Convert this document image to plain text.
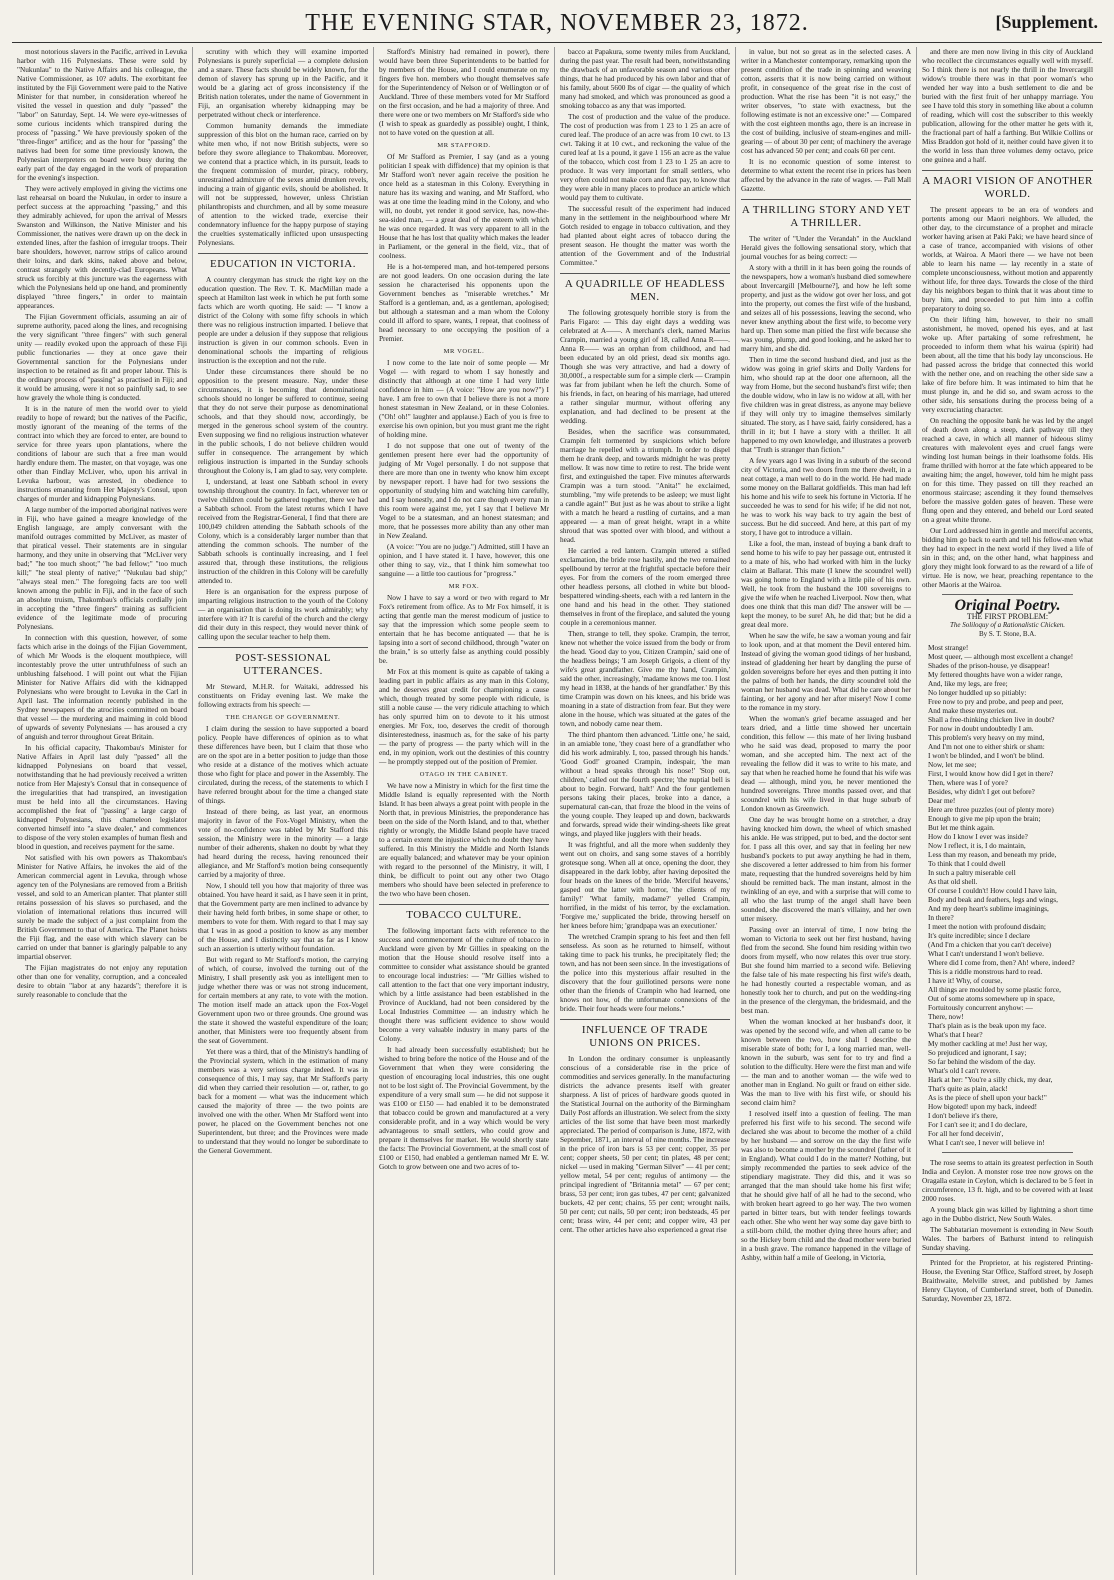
THE EVENING STAR, NOVEMBER 23, 1872.	[Supplement.

most notorious slavers in the Pacific, arrived in Levuka harbor with 116 Polynesians. These were sold by "Nukunlau" to the Native Affairs and his colleague, the Native Commissioner, as 10? adults. The exorbitant fee instituted by the Fiji Government were paid to the Native Minister for that number, in consideration whereof he visited the vessel in question and duly "passed" the "labor" on Saturday, Sept. 14. We were eye-witnesses of some curious incidents which transpired during the process of "passing." We have previously spoken of the "three-finger" artifice; and as the hour for "passing" the natives had been for some time previously known, the Polynesian interpreters on board were busy during the early part of the day engaged in the work of preparation for the evening's inspection.

They were actively employed in giving the victims one last rehearsal on board the Nukulau, in order to insure a perfect success at the approaching "passing," and this they admirably achieved, for upon the arrival of Messrs Swanston and Wilkinson, the Native Minister and his Commissioner, the natives were drawn up on the deck in extended lines, after the fashion of irregular troops. Their bare shoulders, however, narrow strips of calico around their loins, and dark skins, naked above and below, contrast strangely with decently-clad Europeans. What struck us forcibly at this juncture was the eagerness with which the Polynesians held up one hand, and prominently displayed "three fingers," in order to maintain appearances.

The Fijian Government officials, assuming an air of supreme authority, paced along the lines, and recognising the very significant "three fingers" with such general unity — readily evoked upon the approach of these Fiji public functionaries — they at once gave their Governmental sanction for the Polynesians under inspection to be retained as fit and proper labour. This is the ordinary process of "passing" as practised in Fiji; and it would be amusing, were it not so painfully sad, to see how gravely the whole thing is conducted.

It is in the nature of men the world over to yield readily to hope of reward; but the natives of the Pacific, mostly ignorant of the meaning of the terms of the contract into which they are forced to enter, are bound to service for three years upon plantations, where the conditions of labour are such that a free man would hardly endure them. The master, on that voyage, was one other than Findlay McLiver, who, upon his arrival in Levuka harbour, was arrested, in obedience to instructions emanating from Her Majesty's Consul, upon charges of murder and kidnapping Polynesians.

A large number of the imported aboriginal natives were in Fiji, who have gained a meagre knowledge of the English language, are amply conversant with the manifold outrages committed by McLiver, as master of that piratical vessel. Their statements are in singular harmony, and they unite in observing that "McLiver very bad;" "he too much shoot;" "he bad fellow;" "too much kill;" "he steal plenty of native;" "Nukulau bad ship;" "always steal men." The foregoing facts are too well known among the public in Fiji, and in the face of such an absolute truism, Thakombau's officials cordially join in accepting the "three fingers" training as sufficient evidence of the legitimate mode of procuring Polynesians.

In connection with this question, however, of some facts which arise in the doings of the Fijian Government, of which Mr Woods is the eloquent mouthpiece, will incontestably prove the utter untruthfulness of such an unblushing falsehood. I will point out what the Fijian Minister for Native Affairs did with the kidnapped Polynesians who were brought to Levuka in the Carl in April last. The information recently published in the Sydney newspapers of the atrocities committed on board that vessel — the murdering and maiming in cold blood of upwards of seventy Polynesians — has aroused a cry of anguish and terror throughout Great Britain.

In his official capacity, Thakombau's Minister for Native Affairs in April last duly "passed" all the kidnapped Polynesians on board that vessel, notwithstanding that he had previously received a written notice from Her Majesty's Consul that in consequence of the irregularities that had transpired, an investigation must be held into all the circumstances. Having accomplished the feat of "passing" a large cargo of kidnapped Polynesians, this chameleon legislator converted himself into "a slave dealer," and commences to dispose of the very stolen examples of human flesh and blood in question, and receives payment for the same.

Not satisfied with his own powers as Thakombau's Minister for Native Affairs, he invokes the aid of the American commercial agent in Levuka, through whose agency ten of the Polynesians are removed from a British vessel, and sold to an American planter. That planter still retains possession of his slaves so purchased, and the violation of international relations thus incurred will surely be made the subject of a just complaint from the British Government to that of America. The Planet hoists the Fiji flag, and the ease with which slavery can be carried on under that banner is glaringly palpable to any impartial observer.

The Fijian magistrates do not enjoy any reputation other than one for venality, corruption, and a concealed desire to obtain "labor at any hazards"; therefore it is surely reasonable to conclude that the

scrutiny with which they will examine imported Polynesians is purely superficial — a complete delusion and a snare. These facts should be widely known, for the demon of slavery has sprung up in the Pacific, and it would be a glaring act of gross inconsistency if the British nation tolerates, under the name of Government in Fiji, an organisation whereby kidnapping may be perpetrated without check or interference.

Common humanity demands the immediate suppression of this blot on the human race, carried on by white men who, if not now British subjects, were so before they swore allegiance to Thakombau. Moreover, we contend that a practice which, in its pursuit, leads to the frequent commission of murder, piracy, robbery, unrestrained admixture of the sexes amid drunken revels, inducing a train of gigantic evils, should be abolished. It will not be suppressed, however, unless Christian philanthropists and churchmen, and all by some measure of attention to the wicked trade, exercise their condemnatory influence for the happy purpose of staying the cruelties systematically inflicted upon unsuspecting Polynesians.

EDUCATION IN VICTORIA.

A country clergyman has struck the right key on the education question. The Rev. T. K. MacMillan made a speech at Hamilton last week in which he put forth some facts which are worth quoting. He said: — "I know a district of the Colony with some fifty schools in which there was no religious instruction imparted. I believe that people are under a delusion if they suppose that religious instruction is given in our common schools. Even in denominational schools the imparting of religious instruction is the exception and not the rule.

Under these circumstances there should be no opposition to the present measure. Nay, under these circumstances, it is becoming that denominational schools should no longer be suffered to continue, seeing that they do not serve their purpose as denominational schools, and that they should now, accordingly, be merged in the generous school system of the country. Even supposing we find no religious instruction whatever in the public schools, I do not believe children would suffer in consequence. The arrangement by which religious instruction is imparted in the Sunday schools throughout the Colony is, I am glad to say, very complete.

I, understand, at least one Sabbath school in every township throughout the country. In fact, wherever ten or twelve children could be gathered together, there we had a Sabbath school. From the latest returns which I have received from the Registrar-General, I find that there are 100,049 children attending the Sabbath schools of the Colony, which is a considerably larger number than that attending the common schools. The number of the Sabbath schools is continually increasing, and I feel assured that, through these institutions, the religious instruction of the children in this Colony will be carefully attended to.

Here is an organisation for the express purpose of imparting religious instruction to the youth of the Colony — an organisation that is doing its work admirably; why interfere with it? It is careful of the church and the clergy did their duty in this respect, they would never think of calling upon the secular teacher to help them.

POST-SESSIONAL UTTERANCES.

Mr Steward, M.H.R. for Waitaki, addressed his constituents on Friday evening last. We make the following extracts from his speech: —

THE CHANGE OF GOVERNMENT.

I claim during the session to have supported a board policy. People have differences of opinion as to what these differences have been, but I claim that those who are on the spot are in a better position to judge than those who reside at a distance of the motives which actuate those who fight for place and power in the Assembly. The circulated, during the recess, of the statements to which I have referred brought about for the time a changed state of things.

Instead of there being, as last year, an enormous majority in favor of the Fox-Vogel Ministry, when the vote of no-confidence was tabled by Mr Stafford this session, the Ministry were in the minority — a large number of their adherents, shaken no doubt by what they had heard during the recess, having renounced their allegiance, and Mr Stafford's motion being consequently carried by a majority of three.

Now, I should tell you how that majority of three was obtained. You have heard it said, as I have seen it in print, that the Government party are men inclined to advance by their having held forth bribes, in some shape or other, to members to vote for them. With regard to that I may say that I was in as good a position to know as any member of the House, and I distinctly say that as far as I know such an assertion is utterly without foundation.

But with regard to Mr Stafford's motion, the carrying of which, of course, involved the turning out of the Ministry, I shall presently ask you as intelligent men to judge whether there was or was not strong inducement, for certain members at any rate, to vote with the motion. The motion itself made an attack upon the Fox-Vogel Government upon two or three grounds. One ground was the state it showed the wasteful expenditure of the loan; another, that Ministers were too frequently absent from the seat of Government.

Yet there was a third, that of the Ministry's handling of the Provincial system, which in the estimation of many members was a very serious charge indeed. It was in consequence of this, I may say, that Mr Stafford's party did when they carried their resolution — or, rather, to go back for a moment — what was the inducement which caused the majority of three — the two points are involved one with the other. When Mr Stafford went into power, he placed on the Government benches not one Superintendent, but three; and the Provinces were made to understand that they would no longer be subordinate to the General Government.

Stafford's Ministry had remained in power), there would have been three Superintendents to be battled for by members of the House, and I could enumerate on my fingers five hon. members who thought themselves safe for the Superintendency of Nelson or of Wellington or of Auckland. Three of these members voted for Mr Stafford on the first occasion, and he had a majority of three. And there were one or two members on Mr Stafford's side who (I wish to speak as guardedly as possible) ought, I think, not to have voted on the question at all.

MR STAFFORD.

Of Mr Stafford as Premier, I say (and as a young politician I speak with diffidence) that my opinion is that Mr Stafford won't never again receive the position he once held as a statesman in this Colony. Everything in nature has its waxing and waning, and Mr Stafford, who was at one time the leading mind in the Colony, and who will, no doubt, yet render it good service, has, now-the-sea-sided man, — a great deal of the esteem with which he was once regarded. It was very apparent to all in the House that he has lost that quality which makes the leader in Parliament, or the general in the field, viz., that of coolness.

He is a hot-tempered man, and hot-tempered persons are not good leaders. On one occasion during the late session he characterised his opponents upon the Government benches as "miserable wretches." Mr Stafford is a gentleman, and, as a gentleman, apologised; but although a statesman and a man whom the Colony could ill afford to spare, wants, I repeat, that coolness of head necessary to one occupying the position of a Premier.

MR VOGEL.

I now come to the late noir of some people — Mr Vogel — with regard to whom I say honestly and distinctly that although at one time I had very little confidence in him — (A voice: "How are you now?") I have. I am free to own that I believe there is not a more honest statesman in New Zealand, or in these Colonies. ("Oh! oh!" laughter and applause.) Each of you is free to exercise his own opinion, but you must grant me the right of holding mine.

I do not suppose that one out of twenty of the gentlemen present here ever had the opportunity of judging of Mr Vogel personally. I do not suppose that there are more than one in twenty who know him except by newspaper report. I have had for two sessions the opportunity of studying him and watching him carefully, and I say honestly, and I do not care though every man in this room were against me, yet I say that I believe Mr Vogel to be a statesman, and an honest statesman; and more, that he possesses more ability than any other man in New Zealand.

(A voice: "You are no judge.") Admitted, still I have an opinion, and I have stated it. I have, however, this one other thing to say, viz., that I think him somewhat too sanguine — a little too cautious for "progress."

MR FOX.

Now I have to say a word or two with regard to Mr Fox's retirement from office. As to Mr Fox himself, it is acting that gentle man the merest modicum of justice to say that the impression which some people seem to entertain that he has become antiquated — that he is lapsing into a sort of second childhood, through "water on the brain," is so utterly false as anything could possibly be.

Mr Fox at this moment is quite as capable of taking a leading part in public affairs as any man in this Colony, and he deserves great credit for championing a cause which, though treated by some people with ridicule, is still a noble cause — the very ridicule attaching to which has only spurred him on to devote to it his utmost energies. Mr Fox, too, deserves the credit of thorough disinterestedness, inasmuch as, for the sake of his party — the party of progress — the party which will in the end, in my opinion, work out the destinies of this country — he promptly stepped out of the position of Premier.

OTAGO IN THE CABINET.

We have now a Ministry in which for the first time the Middle Island is equally represented with the North Island. It has been always a great point with people in the North that, in previous Ministries, the preponderance has been on the side of the North Island, and to that, whether rightly or wrongly, the Middle Island people have traced to a certain extent the injustice which no doubt they have suffered. In this Ministry the Middle and North Islands are equally balanced; and whatever may be your opinion with regard to the personnel of the Ministry, it will, I think, be difficult to point out any other two Otago members who should have been selected in preference to the two who have been chosen.

TOBACCO CULTURE.

The following important facts with reference to the success and commencement of the culture of tobacco in Auckland were given by Mr Gillies in speaking on the motion that the House should resolve itself into a committee to consider what assistance should be granted to encourage local industries: — "Mr Gillies wished to call attention to the fact that one very important industry, which by a little assistance had been established in the Province of Auckland, had not been considered by the Local Industries Committee — an industry which he thought there was sufficient evidence to show would become a very valuable industry in many parts of the Colony.

It had already been successfully established; but he wished to bring before the notice of the House and of the Government that when they were considering the question of encouraging local industries, this one ought not to be lost sight of. The Provincial Government, by the expenditure of a very small sum — he did not suppose it was £100 or £150 — had enabled it to be demonstrated that tobacco could be grown and manufactured at a very considerable profit, and in a way which would be very advantageous to small settlers, who could grow and prepare it themselves for market. He would shortly state the facts: The Provincial Government, at the small cost of £100 or £150, had enabled a gentleman named Mr E. W. Gotch to grow between one and two acres of to-

bacco at Papakura, some twenty miles from Auckland, during the past year. The result had been, notwithstanding the drawback of an unfavorable season and various other things, that he had produced by his own labor and that of his family, about 5600 lbs of cigar — the quality of which many had smoked, and which was pronounced as good a smoking tobacco as any that was imported.

The cost of production and the value of the produce. The cost of production was from 1 23 to 1 25 an acre of cured leaf. The produce of an acre was from 10 cwt. to 13 cwt. Taking it at 10 cwt., and reckoning the value of the cured leaf at 1s a pound, it gave 1 156 an acre as the value of the tobacco, which cost from 1 23 to 1 25 an acre to produce. It was very important for small settlers, who very often could not make corn and flax pay, to know that they were able in many places to produce an article which would pay them to cultivate.

The successful result of the experiment had induced many in the settlement in the neighbourhood where Mr Gotch resided to engage in tobacco cultivation, and they had planted about eight acres of tobacco during the present season. He thought the matter was worth the attention of the Government and of the Industrial Committee."

A QUADRILLE OF HEADLESS MEN.

The following grotesquely horrible story is from the Paris Figaro: — This day eight days a wedding was celebrated at A——. A merchant's clerk, named Marius Crampin, married a young girl of 18, called Anna R——. Anna R—— was an orphan from childhood, and had been educated by an old priest, dead six months ago. Though she was very attractive, and had a dowry of 30,000f., a respectable sum for a simple clerk — Crampin was far from jubilant when he left the church. Some of his friends, in fact, on hearing of his marriage, had uttered a rather singular murmur, without offering any explanation, and had declined to be present at the wedding.

Besides, when the sacrifice was consummated, Crampin felt tormented by suspicions which before marriage he repelled with a triumph. In order to dispel them he drank deep, and towards midnight he was pretty mellow. It was now time to retire to rest. The bride went first, and extinguished the taper. Five minutes afterwards Crampin was a turn stood. "Anita!" he exclaimed, stumbling, "my wife pretends to be asleep; we must light a candle again!" But just as he was about to strike a light with a match he heard a rustling of curtains, and a man appeared — a man of great height, wrapt in a white shroud that was spotted over with blood, and without a head.

He carried a red lantern. Crampin uttered a stifled exclamation, the bride rose hastily, and the two remained spellbound by terror at the frightful spectacle before their eyes. For from the corners of the room emerged three other headless persons, all clothed in white but blood-bespattered winding-sheets, each with a red lantern in the one hand and his head in the other. They stationed themselves in front of the fireplace, and saluted the young couple in a ceremonious manner.

Then, strange to tell, they spoke. Crampin, the terror, knew not whether the voice issued from the body or from the head. 'Good day to you, Citizen Crampin,' said one of the headless beings; 'I am Joseph Grigois, a client of thy wife's great grandfather. Give me thy hand, Crampin,' said the other, increasingly, 'madame knows me too. I lost my head in 1838, at the hands of her grandfather.' By this time Crampin was down on his knees, and his bride was moaning in a state of distraction from fear. But they were alone in the house, which was situated at the gates of the town, and nobody came near them.

The third phantom then advanced. 'Little one,' he said, in an amiable tone, 'they coast here of a grandfather who did his work admirably. I, too, passed through his hands.' 'Good God!' groaned Crampin, indespair, 'the man without a head speaks through his nose!' 'Stop out, children,' called out the fourth spectre; 'the nuptial bell is about to begin. Forward, halt!' And the four gentlemen persons taking their places, broke into a dance, a supernatural can-can, that froze the blood in the veins of the young couple. They leaped up and down, backwards and forwards, spread wide their winding-sheets like great wings, and played like jugglers with their heads.

It was frightful, and all the more when suddenly they went out on choirs, and sang some staves of a horribly grotesque song. When all at once, opening the door, they disappeared in the dark lobby, after having deposited the four heads on the knees of the bride. 'Merciful heavens,' gasped out the latter with horror, 'the clients of my family!' 'What family, madame?' yelled Crampin, horrified, in the midst of his terror, by the exclamation. 'Forgive me,' supplicated the bride, throwing herself on her knees before him; 'grandpapa was an executioner.'

The wretched Crampin sprang to his feet and then fell senseless. As soon as he returned to himself, without taking time to pack his trunks, he precipitately fled; the town, and has not been seen since. In the investigations of the police into this mysterious affair resulted in the discovery that the four guillotined persons were none other than the friends of Crampin who had learned, one knows not how, of the unfortunate connexions of the bride. Their four heads were four melons."

INFLUENCE OF TRADE UNIONS ON PRICES.

In London the ordinary consumer is unpleasantly conscious of a considerable rise in the price of commodities and services generally. In the manufacturing districts the advance presents itself with greater sharpness. A list of prices of hardware goods quoted in the Statistical Journal on the authority of the Birmingham Daily Post affords an illustration. We select from the sixty articles of the list some that have been most markedly appreciated. The period of comparison is June, 1872, with September, 1871, an interval of nine months. The increase in the price of iron bars is 53 per cent; copper, 35 per cent; copper sheets, 50 per cent; tin plates, 48 per cent; nickel — used in making "German Silver" — 41 per cent; yellow metal, 54 per cent; regulus of antimony — the principal ingredient of "Britannia metal" — 67 per cent; brass, 53 per cent; iron gas tubes, 47 per cent; galvanized buckets, 42 per cent; chains, 55 per cent; wrought nails, 50 per cent; cut nails, 50 per cent; iron bedsteads, 45 per cent; brass wire, 44 per cent; and copper wire, 43 per cent. The other articles have also experienced a great rise

in value, but not so great as in the selected cases. A writer in a Manchester contemporary, remarking upon the present condition of the trade in spinning and weaving cotton, asserts that it is now being carried on without profit, in consequence of the great rise in the cost of production. What the rise has been "it is not easy," the writer observes, "to state with exactness, but the following estimate is not an excessive one:" — Compared with the cost eighteen months ago, there is an increase in the cost of building, inclusive of steam-engines and mill-gearing — of about 30 per cent; of machinery the average cost has advanced 50 per cent; and coals 60 per cent.

It is no economic question of some interest to determine to what extent the recent rise in prices has been affected by the advance in the rate of wages. — Pall Mall Gazette.

A THRILLING STORY AND YET A THRILLER.

The writer of "Under the Verandah" in the Auckland Herald gives the following sensational story, which that journal vouches for as being correct: —

A story with a thrill in it has been going the rounds of the newspapers, how a woman's husband died somewhere about Invercargill [Melbourne?], and how he left some property, and just as the widow got over her loss, and got into the property, out comes the first wife of the husband, and seizes all of his possessions, leaving the second, who never knew anything about the first wife, to become very hard up. Then some man pitied the first wife because she was young, plump, and good looking, and he asked her to marry him, and she did.

Then in time the second husband died, and just as the widow was going in grief skirts and Dolly Vardens for him, who should rap at the door one afternoon, all the way from Home, but the second husband's first wife; then the double widow, who in law is no widow at all, with her five children was in great distress, as anyone may believe if they will only try to imagine themselves similarly situated. The story, as I have said, fairly considered, has a thrill in it; but I have a story with a thriller. It all happened to my own knowledge, and illustrates a proverb that "Truth is stranger than fiction."

A few years ago I was living in a suburb of the second city of Victoria, and two doors from me there dwelt, in a neat cottage, a man well to do in the world. He had made some money on the Ballarat goldfields. This man had left his home and his wife to seek his fortune in Victoria. If he succeeded he was to send for his wife; if he did not not, he was to work his way back to try again the best of success. But he did succeed. And here, at this part of my story, I have got to introduce a villain.

Like a fool, the man, instead of buying a bank draft to send home to his wife to pay her passage out, entrusted it to a mate of his, who had worked with him in the lucky claim at Ballarat. This mate (I knew the scoundrel well) was going home to England with a little pile of his own. Well, he took from the husband the 100 sovereigns to give the wife when he reached Liverpool. Now then, what does one think that this man did? The answer will be — kept the money, to be sure! Ah, he did that; but he did a great deal more.

When he saw the wife, he saw a woman young and fair to look upon, and at that moment the Devil entered him. Instead of giving the woman good tidings of her husband, instead of gladdening her heart by dangling the purse of golden sovereigns before her eyes and then putting it into the palms of both her hands, the dirty scoundrel told the woman her husband was dead. What did he care about her fainting, or her agony and her after misery! Now I come to the romance in my story.

When the woman's grief became assuaged and her tears dried, and a little time showed her uncertain condition, this fellow — this mate of her living husband who he said was dead, proposed to marry the poor woman, and she accepted him. The next act of the revealing the fellow did it was to write to his mate, and say that when he reached home he found that his wife was dead — although, mind you, he never mentioned the hundred sovereigns. Three months passed over, and that scoundrel with his wife lived in that huge suburb of London known as Greenwich.

One day he was brought home on a stretcher, a dray having knocked him down, the wheel of which smashed his ankle. He was stripped, put to bed, and the doctor sent for. I pass all this over, and say that in feeling her new husband's pockets to put away anything he had in them, she discovered a letter addressed to him from his former mate, requesting that the hundred sovereigns held by him should be remitted back. The man instant, almost in the twinkling of an eye, and with a surprise that will come to all who the last trump of the angel shall have been sounded, she discovered the man's villainy, and her own utter misery.

Passing over an interval of time, I now bring the woman to Victoria to seek out her first husband, having fled from the second. She found him residing within two doors from myself, who now relates this over true story. But she found him married to a second wife. Believing the false tale of his mate respecting his first wife's death, he had honestly courted a respectable woman, and as honestly took her to church, and put on the wedding-ring in the presence of the clergyman, the bridesmaid, and the best man.

When the woman knocked at her husband's door, it was opened by the second wife, and when all came to be known between the two, how shall I describe the miserable state of both; for I, a long married man, well-known in the suburb, was sent for to try and find a solution to the difficulty. Here were the first man and wife — the man and to another woman — the wife wed to another man in England. No guilt or fraud on either side. Was the man to live with his first wife, or should his second claim him?

I resolved itself into a question of feeling. The man preferred his first wife to his second. The second wife declared she was about to become the mother of a child by her husband — and sorrow on the day the first wife was also to become a mother by the scoundrel (father of it in England). What could I do in the matter? Nothing, but simply recommended the parties to seek advice of the stipendiary magistrate. They did this, and it was so arranged that the man should take home his first wife; that he should give half of all he had to the second, who with broken heart agreed to go her way. The two women parted in bitter tears, but with tender feelings towards each other. She who went her way some day gave birth to a still-born child, the mother dying three hours after; and so the Hickey born child and the dead mother were buried in a bush grave. The romance happened in the village of Ashby, within half a mile of Geelong, in Victoria,

and there are men now living in this city of Auckland who recollect the circumstances equally well with myself. So I think there is not nearly the thrill in the Invercargill widow's trouble there was in that poor woman's who wended her way into a bush settlement to die and be buried with the first fruit of her unhappy marriage. You see I have told this story in something like about a column of reading, which will cost the subscriber to this weekly publication, allowing for the other matter he gets with it, the fractional part of half a farthing. But Wilkie Collins or Miss Braddon got hold of it, neither could have given it to the world in less than three volumes demy octavo, price one guinea and a half.

A MAORI VISION OF ANOTHER WORLD.

The present appears to be an era of wonders and portents among our Maori neighbors. We alluded, the other day, to the circumstance of a prophet and miracle worker having arisen at Paki Paki; we have heard since of a case of trance, accompanied with visions of other worlds, at Wairoa. A Maori there — we have not been able to learn his name — lay recently in a state of complete unconsciousness, without motion and apparently without life, for three days. Towards the close of the third day his neighbors began to think that it was about time to bury him, and proceeded to put him into a coffin preparatory to doing so.

On their lifting him, however, to their no small astonishment, he moved, opened his eyes, and at last woke up. After partaking of some refreshment, he proceeded to inform them what his wairua (spirit) had been about, all the time that his body lay unconscious. He had passed across the bridge that connected this world with the nether one, and on reaching the other side saw a lake of fire before him. It was intimated to him that he must plunge in, and he did so, and swam across to the other side, his sensations during the process being of a very excruciating character.

On reaching the opposite bank he was led by the angel of death down along a steep, dark pathway till they reached a cave, in which all manner of hideous slimy creatures with malevolent eyes and cruel fangs were winding lost human beings in their loathsome folds. His frame thrilled with horror at the fate which appeared to be awaiting him; the angel, however, told him he might pass on for this time. They passed on till they reached an enormous staircase; ascending it they found themselves before the massive golden gates of heaven. These were flung open and they entered, and beheld our Lord seated on a great white throne.

Our Lord addressed him in gentle and merciful accents, bidding him go back to earth and tell his fellow-men what they had to expect in the next world if they lived a life of sin in this; and, on the other hand, what happiness and glory they might look forward to as the reward of a life of virtue. He is now, we hear, preaching repentance to the other Maoris at the Wairoa.

Original Poetry.
THE FIRST PROBLEM:
The Soliloquy of a Rationalistic Chicken.
By S. T. Stone, B.A.

Most strange!

Most queer, — although most excellent a change!

Shades of the prison-house, ye disappear!

My fettered thoughts have won a wider range,

And, like my legs, are free;

No longer huddled up so pitiably:

Free now to pry and probe, and peep and peer,

And make these mysteries out.

Shall a free-thinking chicken live in doubt?

For now in doubt undoubtedly I am.

This problem's very heavy on my mind,

And I'm not one to either shirk or sham:

I won't be blinded, and I won't be blind.

Now, let me see;

First, I would know how did I get in there?

Then, where was I of yore?

Besides, why didn't I get out before?

Dear me!

Here are three puzzles (out of plenty more)

Enough to give me pip upon the brain;

But let me think again.

How do I know I ever was inside?

Now I reflect, it is, I do maintain,

Less than my reason, and beneath my pride,

To think that I could dwell

In such a paltry miserable cell

As that old shell.

Of course I couldn't! How could I have lain,

Body and beak and feathers, legs and wings,

And my deep heart's sublime imaginings,

In there?

I meet the notion with profound disdain;

It's quite incredible; since I declare

(And I'm a chicken that you can't deceive)

What I can't understand I won't believe.

Where did I come from, then? Ah! where, indeed?

This is a riddle monstrous hard to read.

I have it! Why, of course,

All things are moulded by some plastic force,

Out of some atoms somewhere up in space,

Fortuitously concurrent anyhow: —

There, now!

That's plain as is the beak upon my face.

What's that I hear?

My mother cackling at me! Just her way,

So prejudiced and ignorant, I say;

So far behind the wisdom of the day.

What's old I can't revere.

Hark at her: "You're a silly chick, my dear,

That's quite as plain, alack!

As is the piece of shell upon your back!"

How bigoted! upon my back, indeed!

I don't believe it's there,

For I can't see it; and I do declare,

For all her fond deceivin',

What I can't see, I never will believe in!

The rose seems to attain its greatest perfection in South India and Ceylon. A monster rose tree now grows on the Oragalla estate in Ceylon, which is declared to be 5 feet in circumference, 13 ft. high, and to be covered with at least 2000 roses.

A young black gin was killed by lightning a short time ago in the Dubbo district, New South Wales.

The Sabbatarian movement is extending in New South Wales. The barbers of Bathurst intend to relinquish Sunday shaving.

Printed for the Proprietor, at his registered Printing-House, the Evening Star Office, Stafford street, by Joseph Braithwaite, Melville street, and published by James Henry Clayton, of Cumberland street, both of Dunedin. Saturday, November 23, 1872.
